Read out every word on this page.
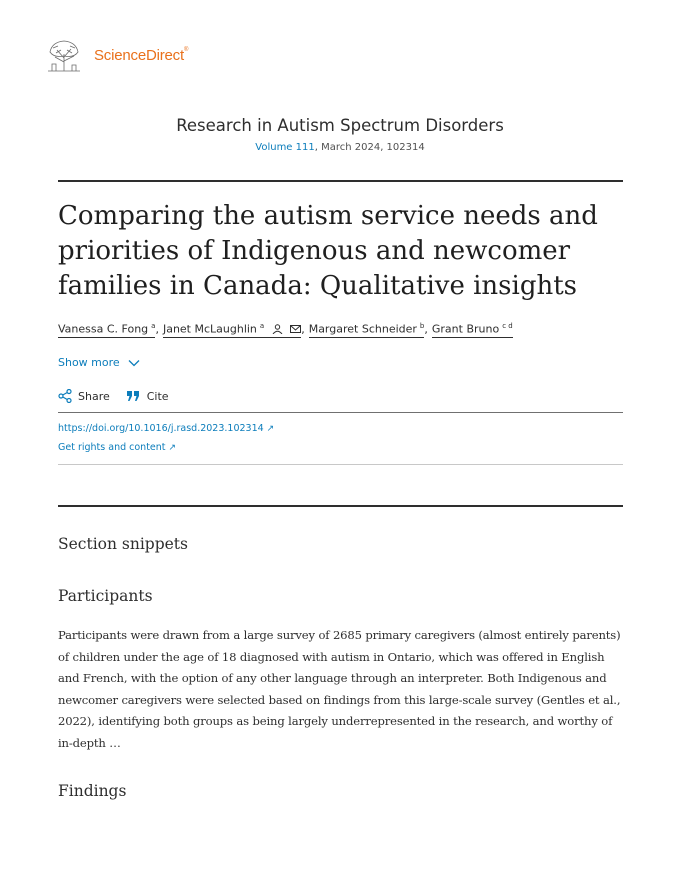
ScienceDirect®
Research in Autism Spectrum Disorders
Volume 111, March 2024, 102314
Comparing the autism service needs and priorities of Indigenous and newcomer families in Canada: Qualitative insights
Vanessa C. Fong $^a$ , Janet McLaughlin $^a$	, Margaret Schneider $^b$ , Grant Bruno $^{c d}$
Show more
Share	Cite
https://doi.org/10.1016/j.rasd.2023.102314 ↗
Get rights and content ↗
Section snippets
Participants

Participants were drawn from a large survey of 2685 primary caregivers (almost entirely parents) of children under the age of 18 diagnosed with autism in Ontario, which was offered in English and French, with the option of any other language through an interpreter. Both Indigenous and newcomer caregivers were selected based on findings from this large-scale survey (Gentles et al., 2022), identifying both groups as being largely underrepresented in the research, and worthy of in-depth …

Findings
